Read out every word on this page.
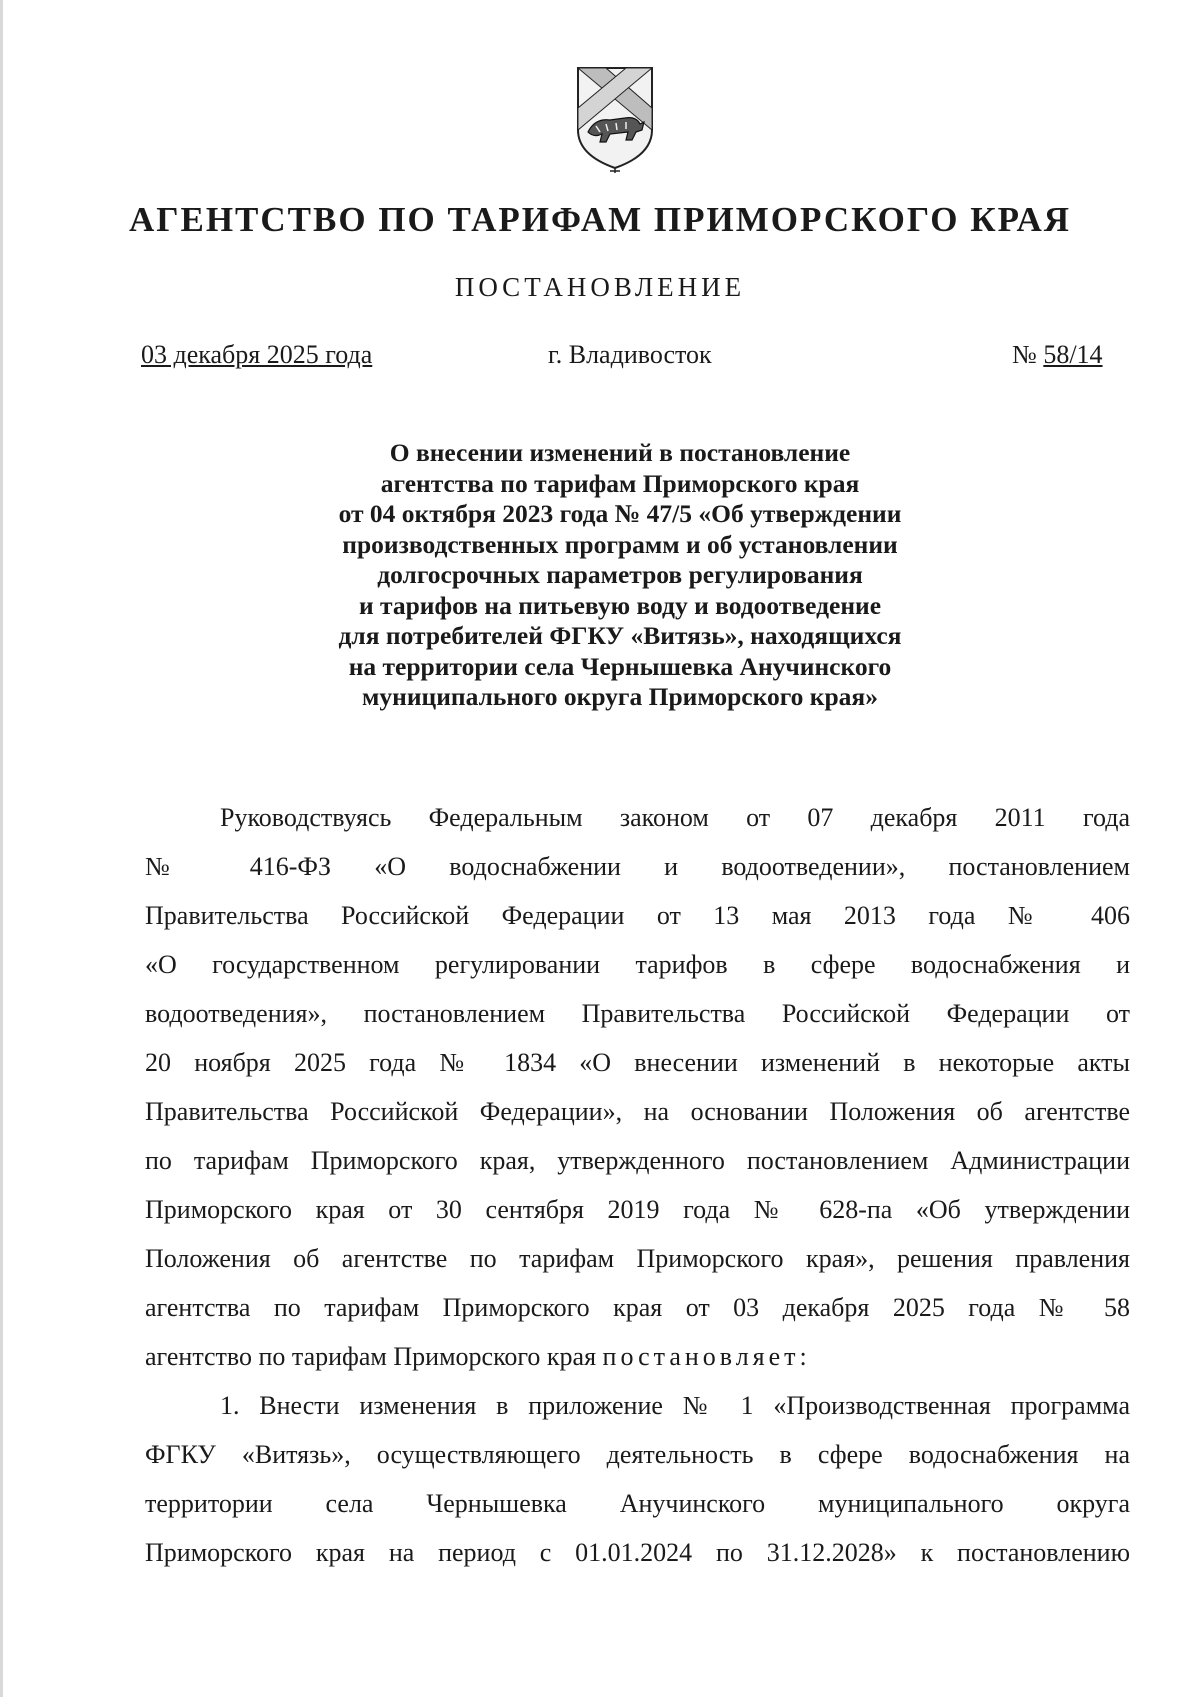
АГЕНТСТВО ПО ТАРИФАМ ПРИМОРСКОГО КРАЯ
ПОСТАНОВЛЕНИЕ
03 декабря 2025 года	г. Владивосток	№ 58/14
О внесении изменений в постановление
агентства по тарифам Приморского края
от 04 октября 2023 года № 47/5 «Об утверждении
производственных программ и об установлении
долгосрочных параметров регулирования
и тарифов на питьевую воду и водоотведение
для потребителей ФГКУ «Витязь», находящихся
на территории села Чернышевка Анучинского
муниципального округа Приморского края»
Руководствуясь Федеральным законом от 07 декабря 2011 года
№ 416-ФЗ «О водоснабжении и водоотведении», постановлением
Правительства Российской Федерации от 13 мая 2013 года № 406
«О государственном регулировании тарифов в сфере водоснабжения и
водоотведения», постановлением Правительства Российской Федерации от
20 ноября 2025 года № 1834 «О внесении изменений в некоторые акты
Правительства Российской Федерации», на основании Положения об агентстве
по тарифам Приморского края, утвержденного постановлением Администрации
Приморского края от 30 сентября 2019 года № 628-па «Об утверждении
Положения об агентстве по тарифам Приморского края», решения правления
агентства по тарифам Приморского края от 03 декабря 2025 года № 58
агентство по тарифам Приморского края постановляет:
1. Внести изменения в приложение № 1 «Производственная программа
ФГКУ «Витязь», осуществляющего деятельность в сфере водоснабжения на
территории села Чернышевка Анучинского муниципального округа
Приморского края на период с 01.01.2024 по 31.12.2028» к постановлению
